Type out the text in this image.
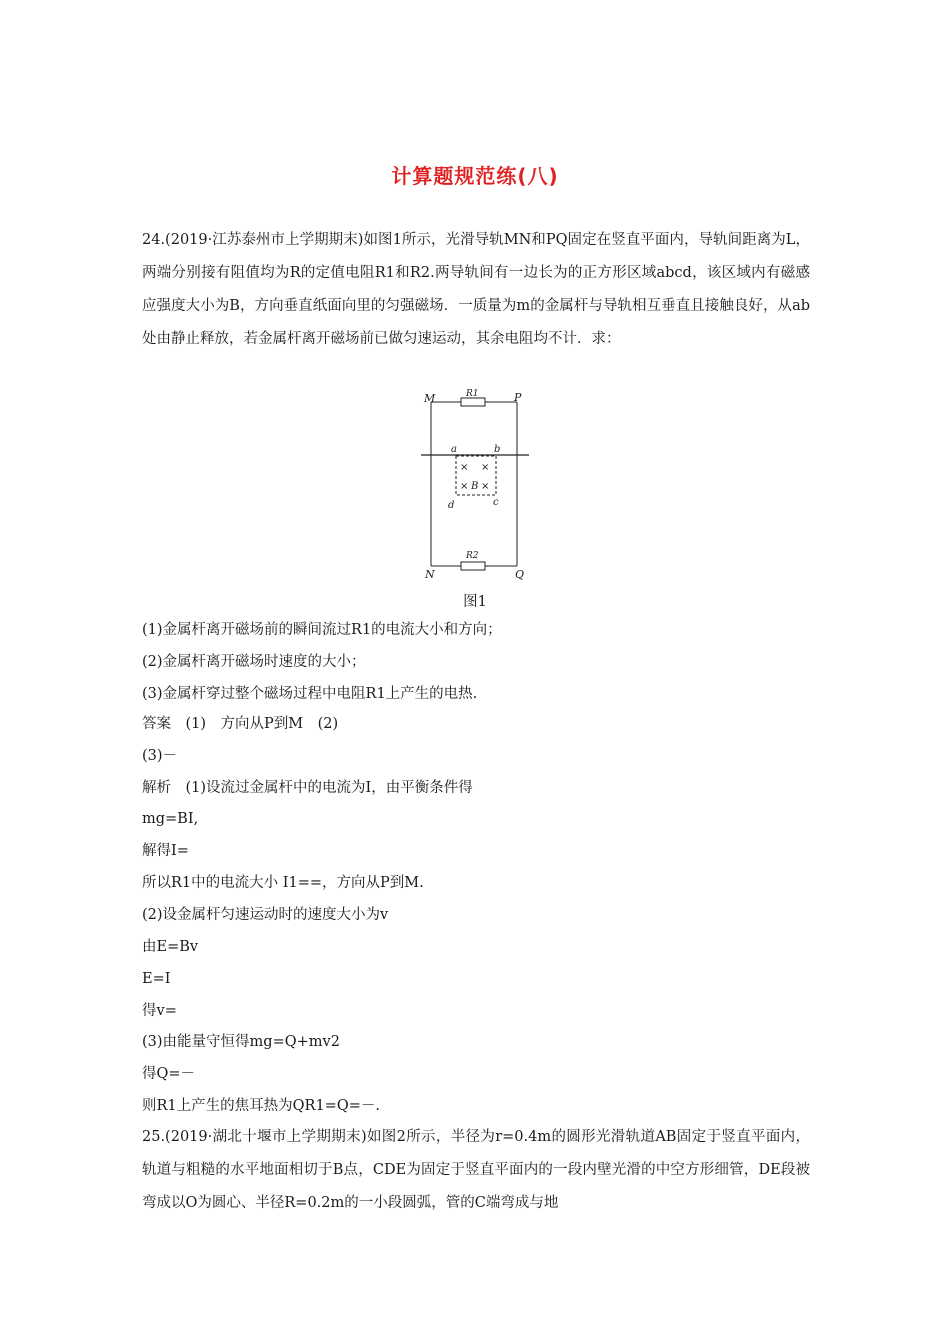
计算题规范练(八)
24.(2019·江苏泰州市上学期期末)如图1所示，光滑导轨MN和PQ固定在竖直平面内，导轨间距离为L，两端分别接有阻值均为R的定值电阻R1和R2.两导轨间有一边长为的正方形区域abcd，该区域内有磁感应强度大小为B，方向垂直纸面向里的匀强磁场．一质量为m的金属杆与导轨相互垂直且接触良好，从ab处由静止释放，若金属杆离开磁场前已做匀速运动，其余电阻均不计．求：
M	P
N	Q
R1
R2
a	b
c
d
× ×
× ×
B
图1
(1)金属杆离开磁场前的瞬间流过R1的电流大小和方向；
(2)金属杆离开磁场时速度的大小；
(3)金属杆穿过整个磁场过程中电阻R1上产生的电热.
答案　(1)　方向从P到M　(2)
(3)－
解析　(1)设流过金属杆中的电流为I，由平衡条件得
mg=BI,
解得I=
所以R1中的电流大小 I1==，方向从P到M.
(2)设金属杆匀速运动时的速度大小为v
由E=Bv
E=I
得v=
(3)由能量守恒得mg=Q+mv2
得Q=－
则R1上产生的焦耳热为QR1=Q=－.
25.(2019·湖北十堰市上学期期末)如图2所示，半径为r=0.4m的圆形光滑轨道AB固定于竖直平面内，轨道与粗糙的水平地面相切于B点，CDE为固定于竖直平面内的一段内壁光滑的中空方形细管，DE段被弯成以O为圆心、半径R=0.2m的一小段圆弧，管的C端弯成与地
